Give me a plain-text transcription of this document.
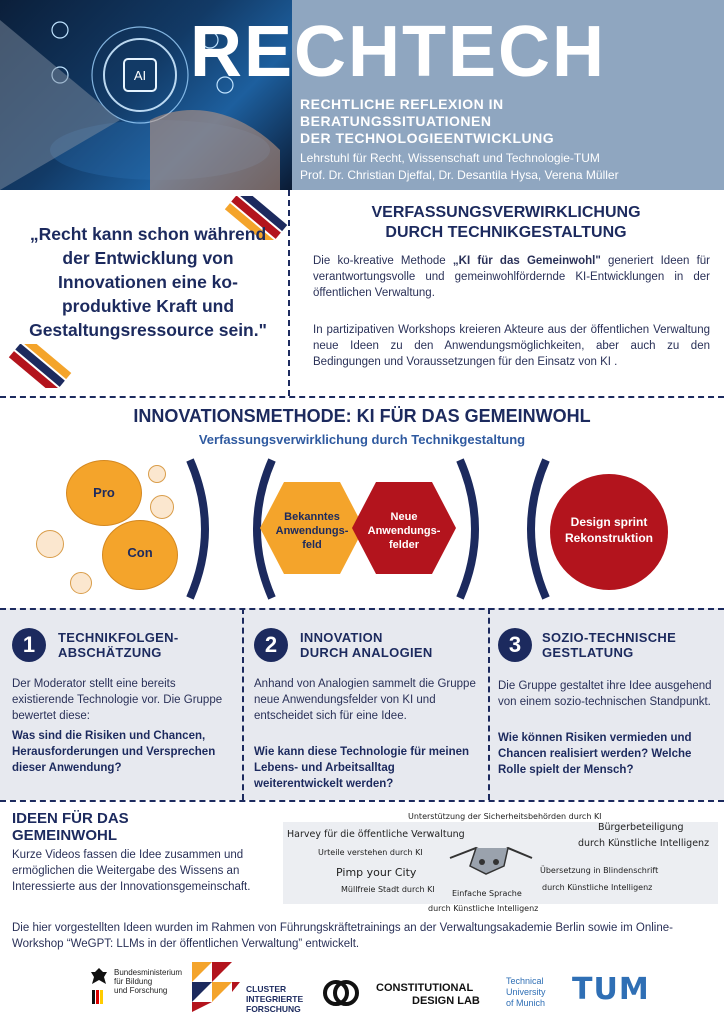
AI RECHTECH
RECHTLICHE REFLEXION IN
BERATUNGSSITUATIONEN
DER TECHNOLOGIEENTWICKLUNG
Lehrstuhl für Recht, Wissenschaft und Technologie-TUM
Prof. Dr. Christian Djeffal, Dr. Desantila Hysa, Verena Müller
„Recht kann schon während der Entwicklung von Innovationen eine ko-produktive Kraft und Gestaltungsressource sein."
VERFASSUNGSVERWIRKLICHUNG
DURCH TECHNIKGESTALTUNG
Die ko-kreative Methode „KI für das Gemeinwohl" generiert Ideen für verantwortungsvolle und gemeinwohlfördernde KI-Entwicklungen in der öffentlichen Verwaltung.
In partizipativen Workshops kreieren Akteure aus der öffentlichen Verwaltung neue Ideen zu den Anwendungsmöglichkeiten, aber auch zu den Bedingungen und Voraussetzungen für den Einsatz von KI .
INNOVATIONSMETHODE: KI FÜR DAS GEMEINWOHL
Verfassungsverwirklichung durch Technikgestaltung
Pro
Con
Bekanntes Anwendungs-feld
Neue Anwendungs-felder
Design sprint Rekonstruktion
1	TECHNIKFOLGEN-
ABSCHÄTZUNG
Der Moderator stellt eine bereits existierende Technologie vor. Die Gruppe bewertet diese:
Was sind die Risiken und Chancen, Herausforderungen und Versprechen dieser Anwendung?
2	INNOVATION
DURCH ANALOGIEN
Anhand von Analogien sammelt die Gruppe neue Anwendungsfelder von KI und entscheidet sich für eine Idee.
Wie kann diese Technologie für meinen Lebens- und Arbeitsalltag weiterentwickelt werden?
3	SOZIO-TECHNISCHE
GESTLATUNG
Die Gruppe gestaltet ihre Idee ausgehend von einem sozio-technischen Standpunkt.
Wie können Risiken vermieden und Chancen realisiert werden? Welche Rolle spielt der Mensch?
IDEEN FÜR DAS
GEMEINWOHL
Kurze Videos fassen die Idee zusammen und ermöglichen die Weitergabe des Wissens an Interessierte aus der Innovationsgemeinschaft.
Unterstützung der Sicherheitsbehörden durch KI
Harvey für die öffentliche Verwaltung
Urteile verstehen durch KI
Pimp your City
Müllfreie Stadt durch KI
Bürgerbeteiligung
durch Künstliche Intelligenz
Übersetzung in Blindenschrift
durch Künstliche Intelligenz
Einfache Sprache
durch Künstliche Intelligenz
Die hier vorgestellten Ideen wurden im Rahmen von Führungskräftetrainings an der Verwaltungsakademie Berlin sowie im Online-Workshop “WeGPT: LLMs in der öffentlichen Verwaltung” entwickelt.
Bundesministerium
für Bildung
und Forschung	CLUSTER
INTEGRIERTE
FORSCHUNG
CONSTITUTIONAL
DESIGN LAB
Technical
University
of Munich TUM
